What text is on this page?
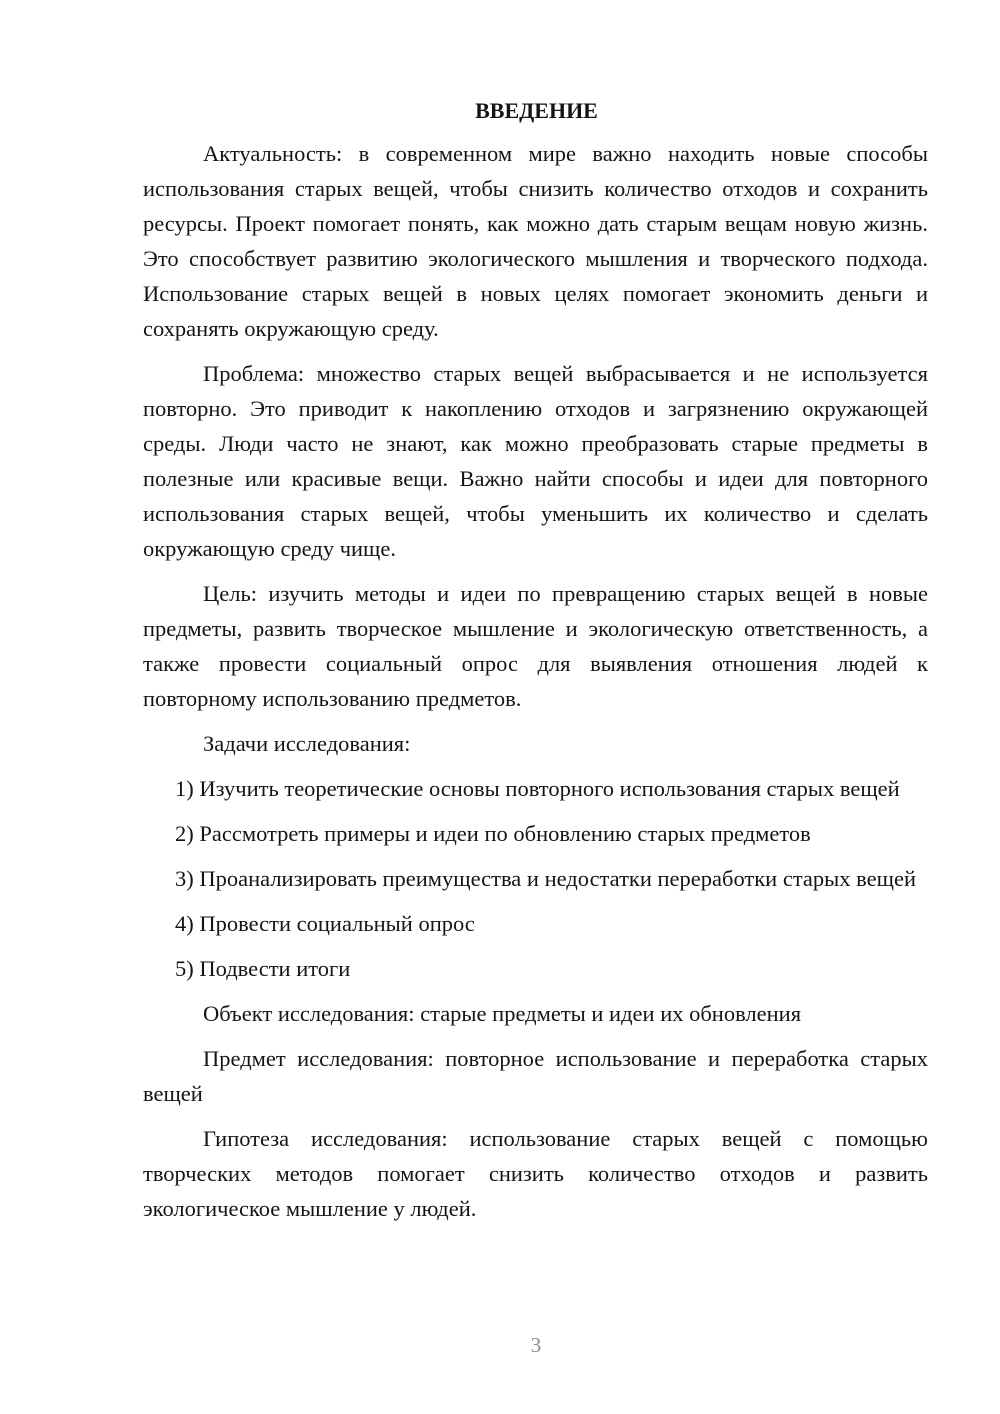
ВВЕДЕНИЕ

Актуальность: в современном мире важно находить новые способы использования старых вещей, чтобы снизить количество отходов и сохранить ресурсы. Проект помогает понять, как можно дать старым вещам новую жизнь. Это способствует развитию экологического мышления и творческого подхода. Использование старых вещей в новых целях помогает экономить деньги и сохранять окружающую среду.

Проблема: множество старых вещей выбрасывается и не используется повторно. Это приводит к накоплению отходов и загрязнению окружающей среды. Люди часто не знают, как можно преобразовать старые предметы в полезные или красивые вещи. Важно найти способы и идеи для повторного использования старых вещей, чтобы уменьшить их количество и сделать окружающую среду чище.

Цель: изучить методы и идеи по превращению старых вещей в новые предметы, развить творческое мышление и экологическую ответственность, а также провести социальный опрос для выявления отношения людей к повторному использованию предметов.

Задачи исследования:

1) Изучить теоретические основы повторного использования старых вещей

2) Рассмотреть примеры и идеи по обновлению старых предметов

3) Проанализировать преимущества и недостатки переработки старых вещей

4) Провести социальный опрос

5) Подвести итоги

Объект исследования: старые предметы и идеи их обновления

Предмет исследования: повторное использование и переработка старых вещей

Гипотеза исследования: использование старых вещей с помощью творческих методов помогает снизить количество отходов и развить экологическое мышление у людей.

3
